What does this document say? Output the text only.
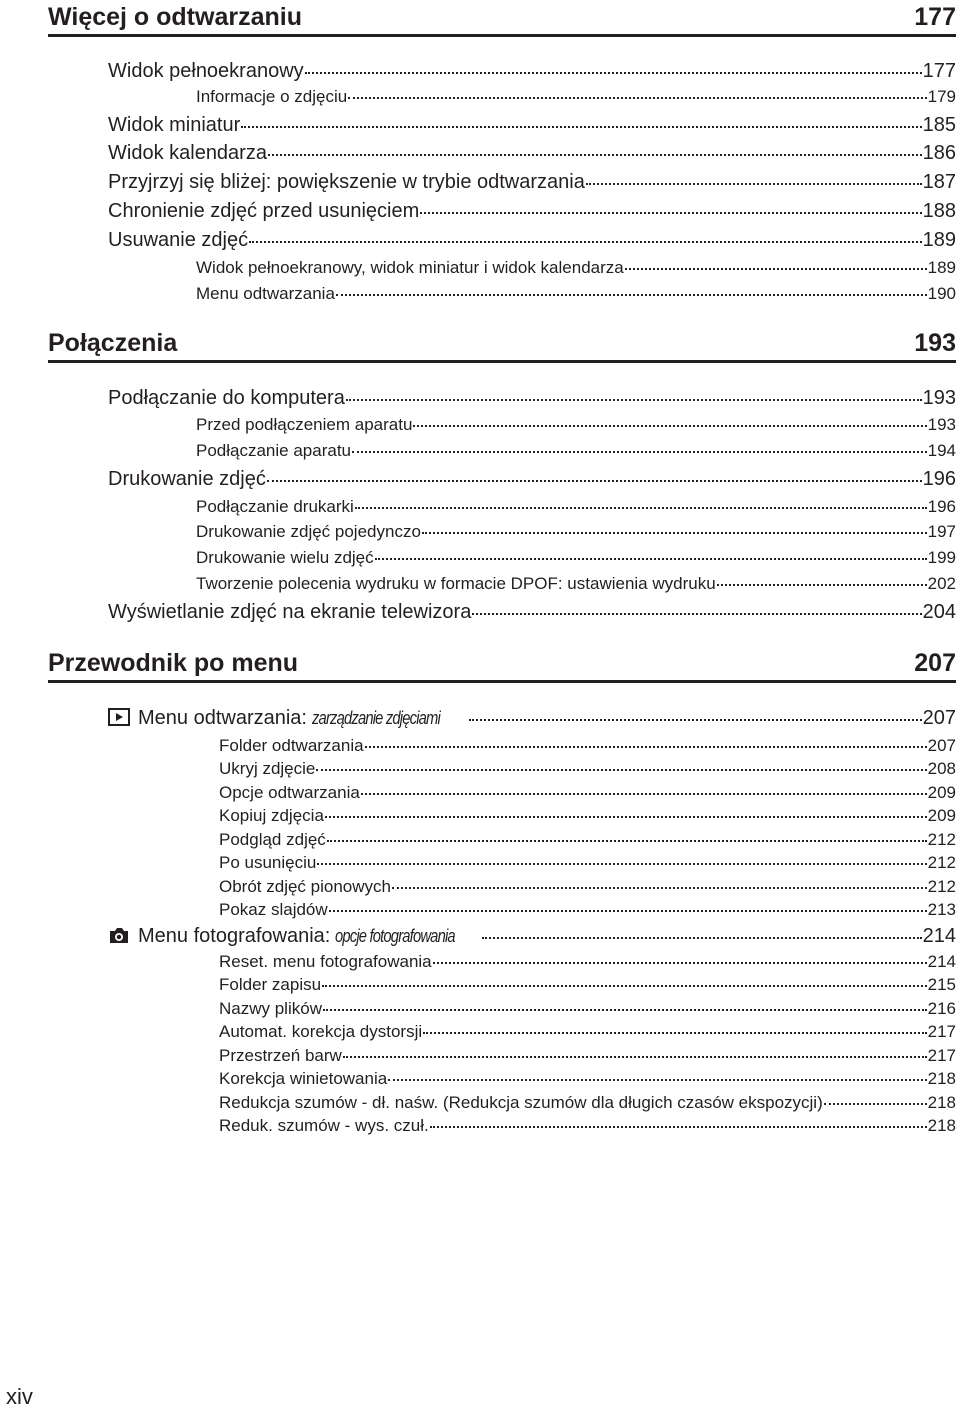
Więcej o odtwarzaniu	177
Widok pełnoekranowy	177
Informacje o zdjęciu	179
Widok miniatur	185
Widok kalendarza	186
Przyjrzyj się bliżej: powiększenie w trybie odtwarzania	187
Chronienie zdjęć przed usunięciem	188
Usuwanie zdjęć	189
Widok pełnoekranowy, widok miniatur i widok kalendarza	189
Menu odtwarzania	190
Połączenia	193
Podłączanie do komputera	193
Przed podłączeniem aparatu	193
Podłączanie aparatu	194
Drukowanie zdjęć	196
Podłączanie drukarki	196
Drukowanie zdjęć pojedynczo	197
Drukowanie wielu zdjęć	199
Tworzenie polecenia wydruku w formacie DPOF: ustawienia wydruku	202
Wyświetlanie zdjęć na ekranie telewizora	204
Przewodnik po menu	207
Menu odtwarzania: zarządzanie zdjęciami	207
Folder odtwarzania	207
Ukryj zdjęcie	208
Opcje odtwarzania	209
Kopiuj zdjęcia	209
Podgląd zdjęć	212
Po usunięciu	212
Obrót zdjęć pionowych	212
Pokaz slajdów	213
Menu fotografowania: opcje fotografowania	214
Reset. menu fotografowania	214
Folder zapisu	215
Nazwy plików	216
Automat. korekcja dystorsji	217
Przestrzeń barw	217
Korekcja winietowania	218
Redukcja szumów - dł. naśw. (Redukcja szumów dla długich czasów ekspozycji)	218
Reduk. szumów - wys. czuł.	218
xiv
